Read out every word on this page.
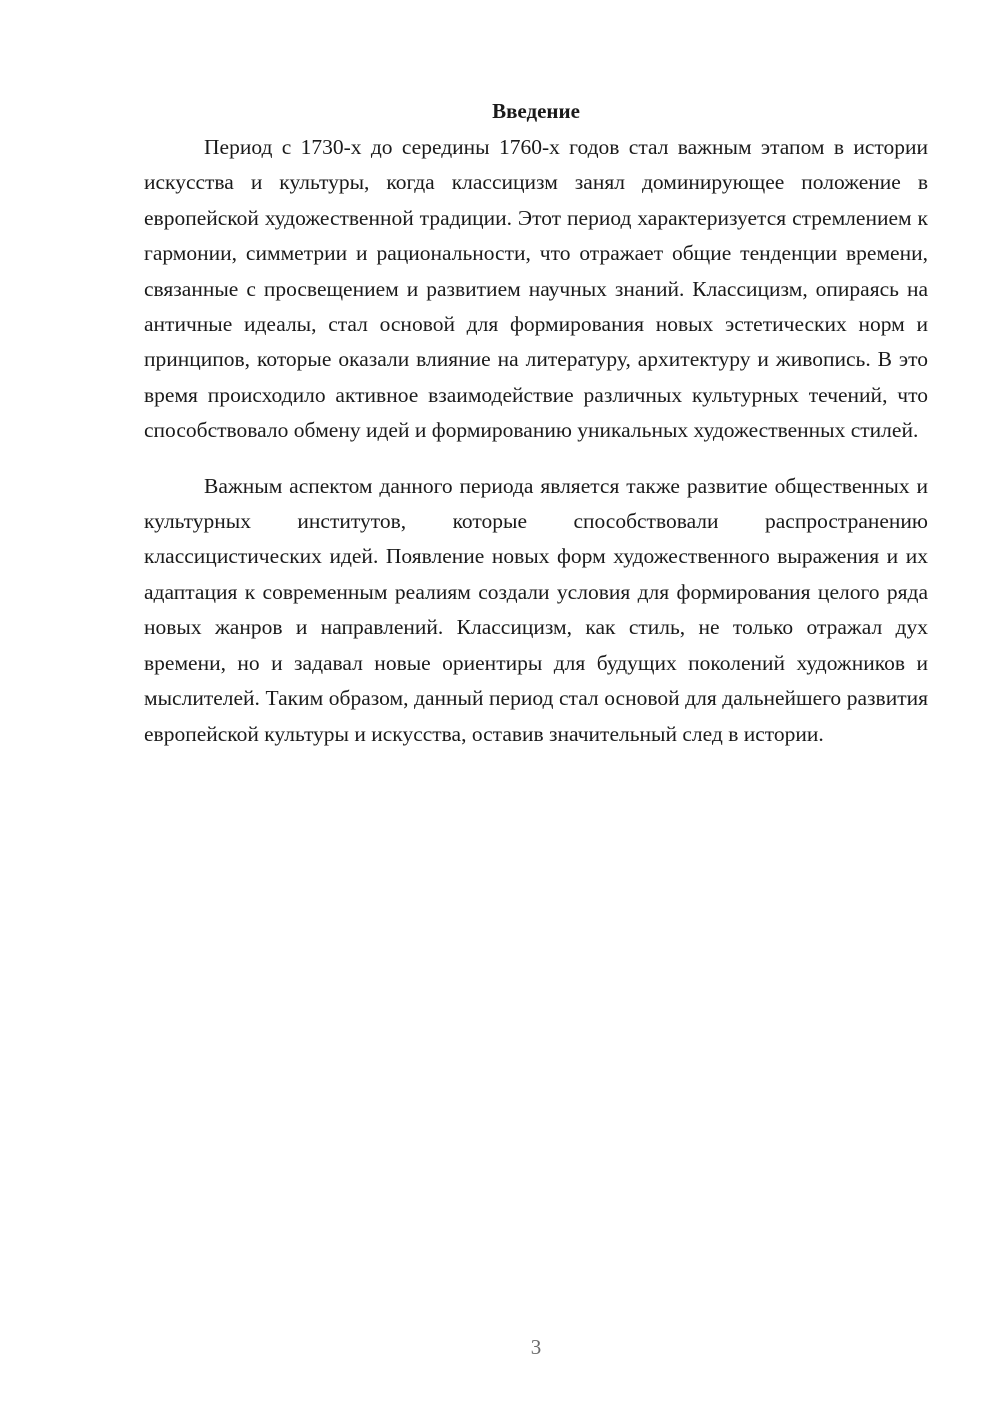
Введение

Период с 1730-х до середины 1760-х годов стал важным этапом в истории искусства и культуры, когда классицизм занял доминирующее положение в европейской художественной традиции. Этот период характеризуется стремлением к гармонии, симметрии и рациональности, что отражает общие тенденции времени, связанные с просвещением и развитием научных знаний. Классицизм, опираясь на античные идеалы, стал основой для формирования новых эстетических норм и принципов, которые оказали влияние на литературу, архитектуру и живопись. В это время происходило активное взаимодействие различных культурных течений, что способствовало обмену идей и формированию уникальных художественных стилей.

Важным аспектом данного периода является также развитие общественных и культурных институтов, которые способствовали распространению классицистических идей. Появление новых форм художественного выражения и их адаптация к современным реалиям создали условия для формирования целого ряда новых жанров и направлений. Классицизм, как стиль, не только отражал дух времени, но и задавал новые ориентиры для будущих поколений художников и мыслителей. Таким образом, данный период стал основой для дальнейшего развития европейской культуры и искусства, оставив значительный след в истории.

3
